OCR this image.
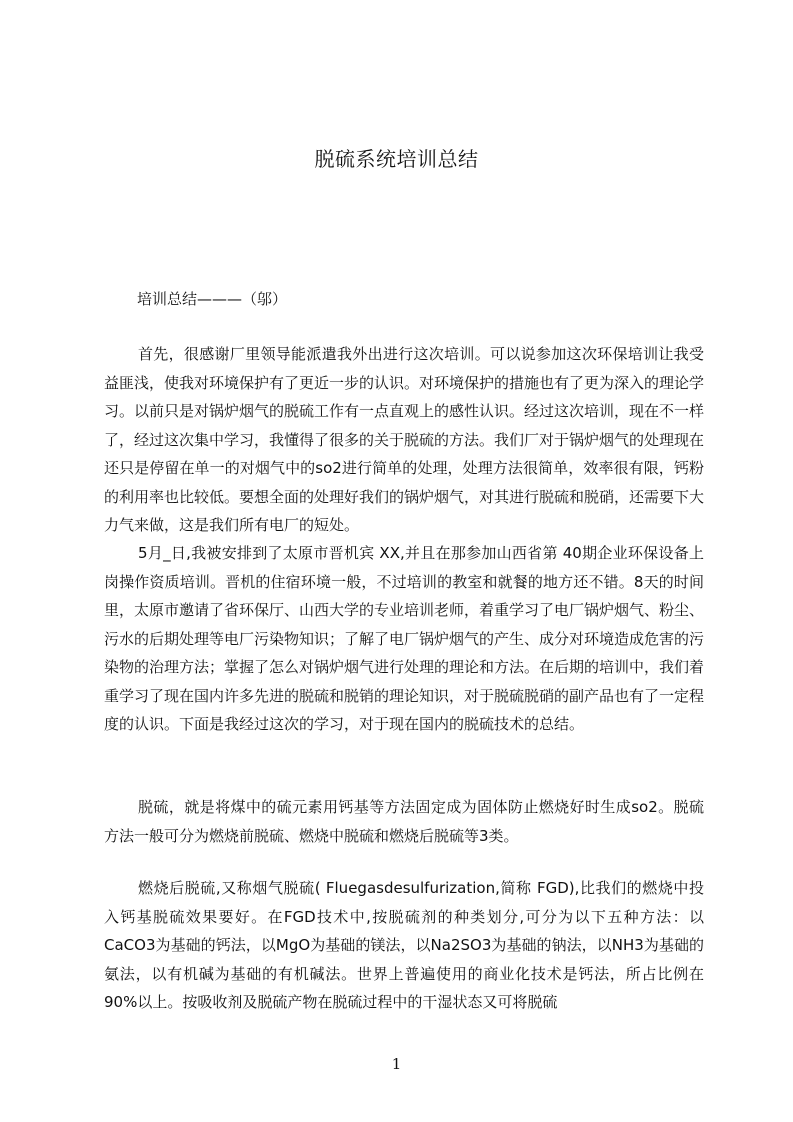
脱硫系统培训总结
培训总结———（邬）

首先，很感谢厂里领导能派遣我外出进行这次培训。可以说参加这次环保培训让我受益匪浅，使我对环境保护有了更近一步的认识。对环境保护的措施也有了更为深入的理论学习。以前只是对锅炉烟气的脱硫工作有一点直观上的感性认识。经过这次培训，现在不一样了，经过这次集中学习，我懂得了很多的关于脱硫的方法。我们厂对于锅炉烟气的处理现在还只是停留在单一的对烟气中的so2进行简单的处理，处理方法很简单，效率很有限，钙粉的利用率也比较低。要想全面的处理好我们的锅炉烟气，对其进行脱硫和脱硝，还需要下大力气来做，这是我们所有电厂的短处。

5月_日,我被安排到了太原市晋机宾 XX,并且在那参加山西省第 40期企业环保设备上岗操作资质培训。晋机的住宿环境一般，不过培训的教室和就餐的地方还不错。8天的时间里，太原市邀请了省环保厅、山西大学的专业培训老师，着重学习了电厂锅炉烟气、粉尘、污水的后期处理等电厂污染物知识；了解了电厂锅炉烟气的产生、成分对环境造成危害的污染物的治理方法；掌握了怎么对锅炉烟气进行处理的理论和方法。在后期的培训中，我们着重学习了现在国内许多先进的脱硫和脱销的理论知识，对于脱硫脱硝的副产品也有了一定程度的认识。下面是我经过这次的学习，对于现在国内的脱硫技术的总结。

脱硫，就是将煤中的硫元素用钙基等方法固定成为固体防止燃烧好时生成so2。脱硫方法一般可分为燃烧前脱硫、燃烧中脱硫和燃烧后脱硫等3类。

燃烧后脱硫,又称烟气脱硫( Fluegasdesulfurization,简称 FGD),比我们的燃烧中投入钙基脱硫效果要好。在FGD技术中,按脱硫剂的种类划分,可分为以下五种方法：以CaCO3为基础的钙法，以MgO为基础的镁法，以Na2SO3为基础的钠法，以NH3为基础的氨法，以有机碱为基础的有机碱法。世界上普遍使用的商业化技术是钙法，所占比例在90%以上。按吸收剂及脱硫产物在脱硫过程中的干湿状态又可将脱硫

1
